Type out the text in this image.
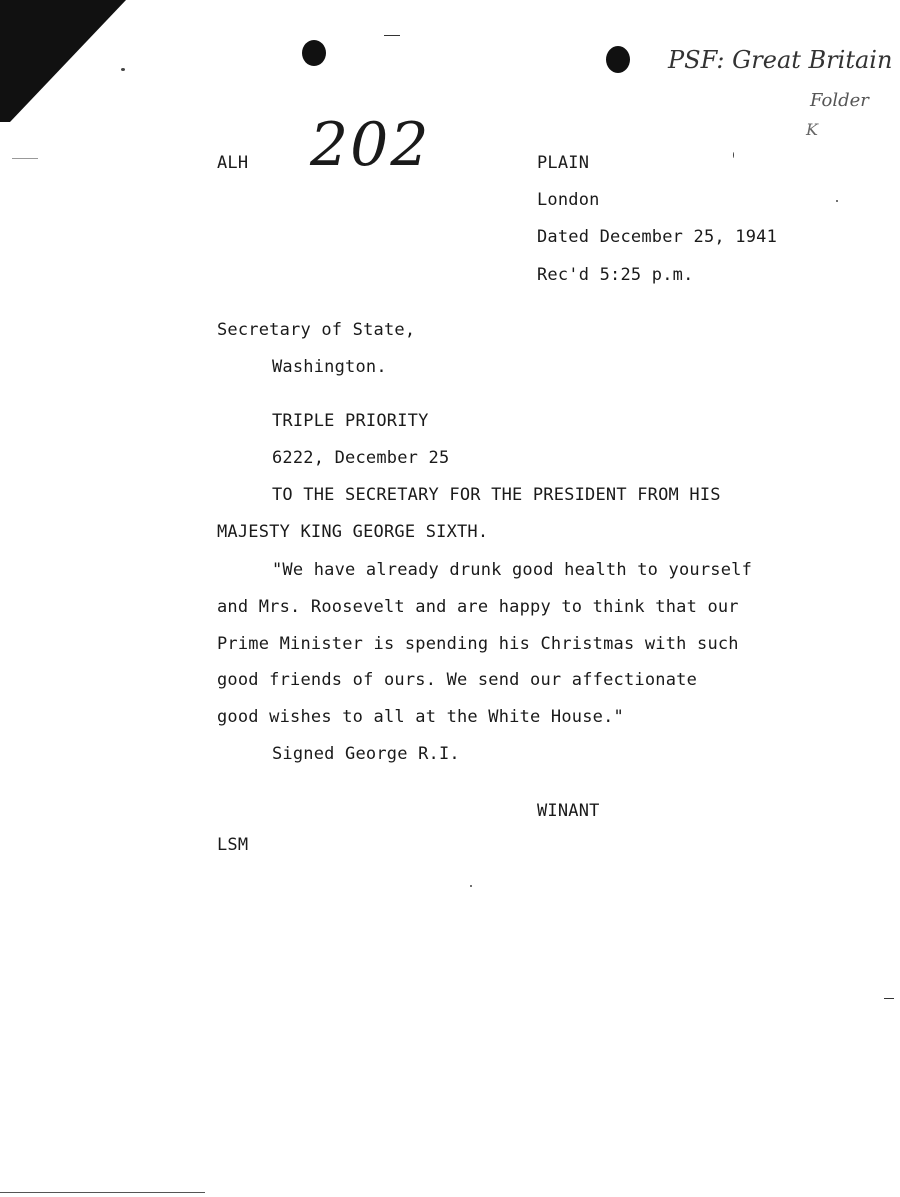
ALH 202
PSF: Great Britain
Folder
K
PLAIN
London
Dated December 25, 1941
Rec'd 5:25 p.m.
Secretary of State,
Washington.
TRIPLE PRIORITY
6222, December 25
TO THE SECRETARY FOR THE PRESIDENT FROM HIS
MAJESTY KING GEORGE SIXTH.
"We have already drunk good health to yourself
and Mrs. Roosevelt and are happy to think that our
Prime Minister is spending his Christmas with such
good friends of ours. We send our affectionate
good wishes to all at the White House."
Signed George R.I.
WINANT
LSM
